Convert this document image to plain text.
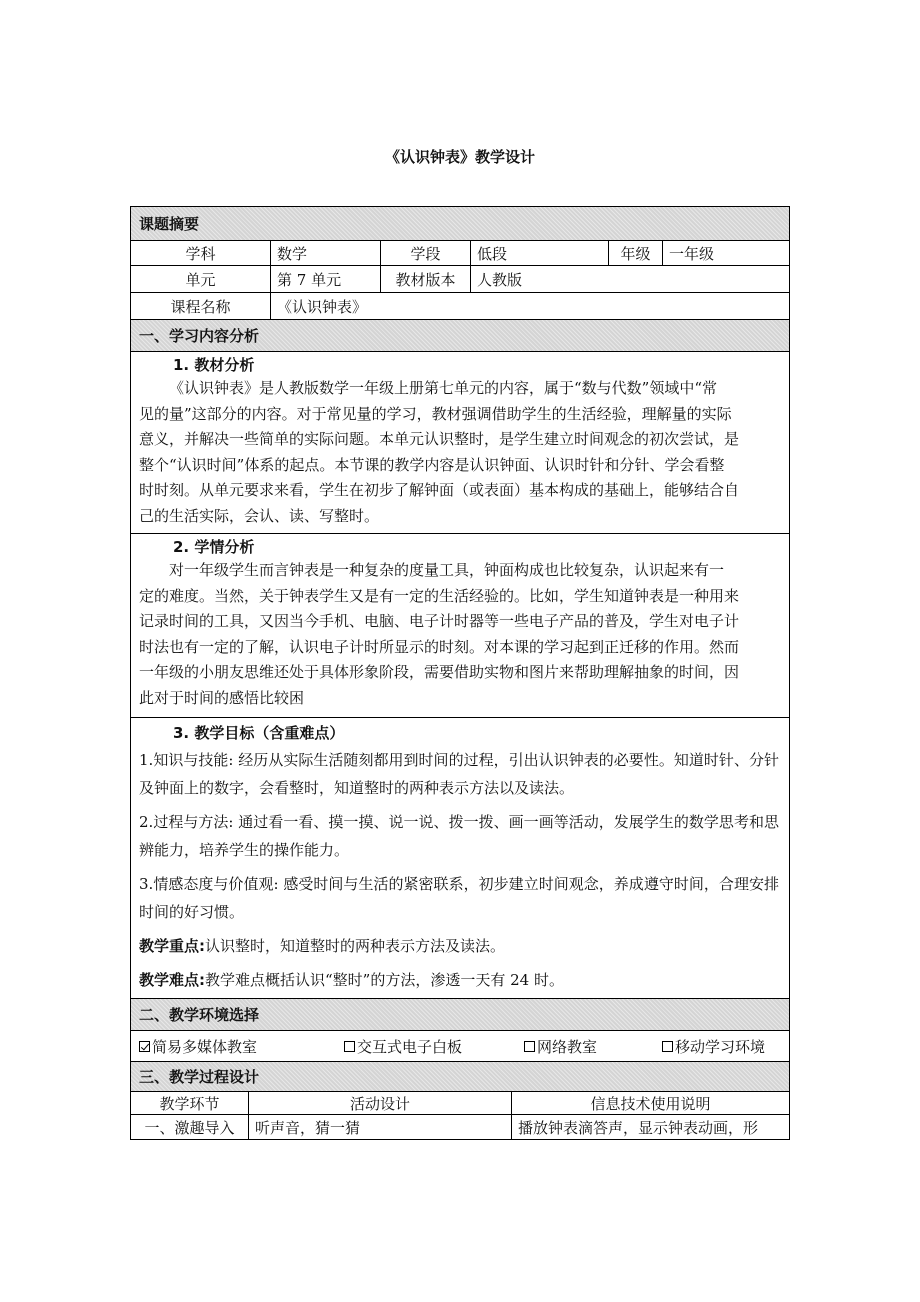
《认识钟表》教学设计
课题摘要
学科	数学	学段	低段	年级	一年级
单元	第 7 单元	教材版本	人教版
课程名称	《认识钟表》
一、学习内容分析
1. 教材分析
《认识钟表》是人教版数学一年级上册第七单元的内容，属于“数与代数”领域中“常
见的量”这部分的内容。对于常见量的学习，教材强调借助学生的生活经验，理解量的实际
意义，并解决一些简单的实际问题。本单元认识整时，是学生建立时间观念的初次尝试，是
整个“认识时间”体系的起点。本节课的教学内容是认识钟面、认识时针和分针、学会看整
时时刻。从单元要求来看，学生在初步了解钟面（或表面）基本构成的基础上，能够结合自
己的生活实际，会认、读、写整时。
2. 学情分析
对一年级学生而言钟表是一种复杂的度量工具，钟面构成也比较复杂，认识起来有一
定的难度。当然，关于钟表学生又是有一定的生活经验的。比如，学生知道钟表是一种用来
记录时间的工具，又因当今手机、电脑、电子计时器等一些电子产品的普及，学生对电子计
时法也有一定的了解，认识电子计时所显示的时刻。对本课的学习起到正迁移的作用。然而
一年级的小朋友思维还处于具体形象阶段，需要借助实物和图片来帮助理解抽象的时间，因
此对于时间的感悟比较困
3. 教学目标（含重难点）
1.知识与技能: 经历从实际生活随刻都用到时间的过程，引出认识钟表的必要性。知道时针、分针及钟面上的数字，会看整时，知道整时的两种表示方法以及读法。
2.过程与方法: 通过看一看、摸一摸、说一说、拨一拨、画一画等活动，发展学生的数学思考和思辨能力，培养学生的操作能力。
3.情感态度与价值观: 感受时间与生活的紧密联系，初步建立时间观念，养成遵守时间，合理安排时间的好习惯。
教学重点:认识整时，知道整时的两种表示方法及读法。
教学难点:教学难点概括认识“整时”的方法，渗透一天有 24 时。
二、教学环境选择
简易多媒体教室	交互式电子白板	网络教室	移动学习环境
三、教学过程设计
教学环节	活动设计	信息技术使用说明
一、激趣导入	听声音，猜一猜	播放钟表滴答声，显示钟表动画，形
